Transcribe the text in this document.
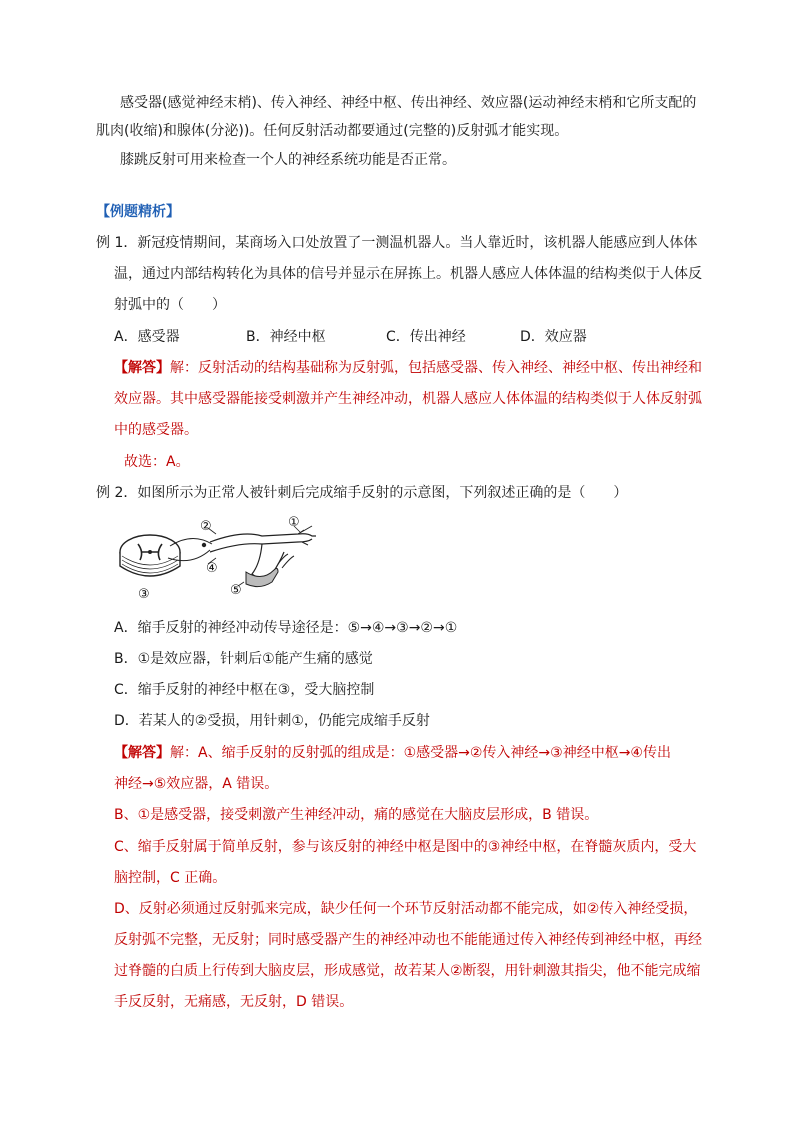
感受器(感觉神经末梢)、传入神经、神经中枢、传出神经、效应器(运动神经末梢和它所支配的
肌肉(收缩)和腺体(分泌))。任何反射活动都要通过(完整的)反射弧才能实现。
膝跳反射可用来检查一个人的神经系统功能是否正常。
【例题精析】
例 1．新冠疫情期间，某商场入口处放置了一测温机器人。当人靠近时，该机器人能感应到人体体
温，通过内部结构转化为具体的信号并显示在屏拣上。机器人感应人体体温的结构类似于人体反
射弧中的（　　）
A．感受器	B．神经中枢	C．传出神经	D．效应器
【解答】解：反射活动的结构基础称为反射弧，包括感受器、传入神经、神经中枢、传出神经和
效应器。其中感受器能接受刺激并产生神经冲动，机器人感应人体体温的结构类似于人体反射弧
中的感受器。
故选：A。
例 2．如图所示为正常人被针刺后完成缩手反射的示意图，下列叙述正确的是（　　）
①
②
③
④
⑤
A．缩手反射的神经冲动传导途径是：⑤→④→③→②→①
B．①是效应器，针刺后①能产生痛的感觉
C．缩手反射的神经中枢在③，受大脑控制
D．若某人的②受损，用针刺①，仍能完成缩手反射
【解答】解：A、缩手反射的反射弧的组成是：①感受器→②传入神经→③神经中枢→④传出
神经→⑤效应器，A 错误。
B、①是感受器，接受刺激产生神经冲动，痛的感觉在大脑皮层形成，B 错误。
C、缩手反射属于简单反射，参与该反射的神经中枢是图中的③神经中枢，在脊髓灰质内，受大
脑控制，C 正确。
D、反射必须通过反射弧来完成，缺少任何一个环节反射活动都不能完成，如②传入神经受损，
反射弧不完整，无反射；同时感受器产生的神经冲动也不能能通过传入神经传到神经中枢，再经
过脊髓的白质上行传到大脑皮层，形成感觉，故若某人②断裂，用针刺激其指尖，他不能完成缩
手反反射，无痛感，无反射，D 错误。
